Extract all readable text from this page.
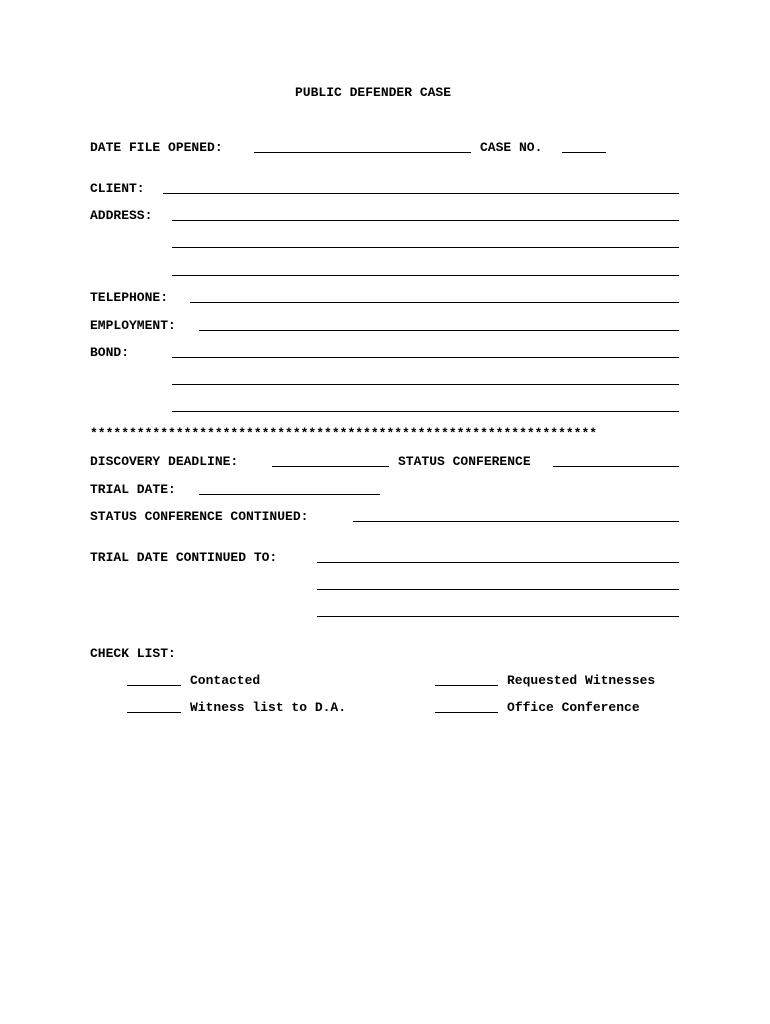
PUBLIC DEFENDER CASE
DATE FILE OPENED:	CASE NO.
CLIENT:
ADDRESS:
TELEPHONE:
EMPLOYMENT:
BOND:
*****************************************************************
DISCOVERY DEADLINE:	STATUS CONFERENCE
TRIAL DATE:
STATUS CONFERENCE CONTINUED:
TRIAL DATE CONTINUED TO:
CHECK LIST:
Contacted	Requested Witnesses
Witness list to D.A.	Office Conference
